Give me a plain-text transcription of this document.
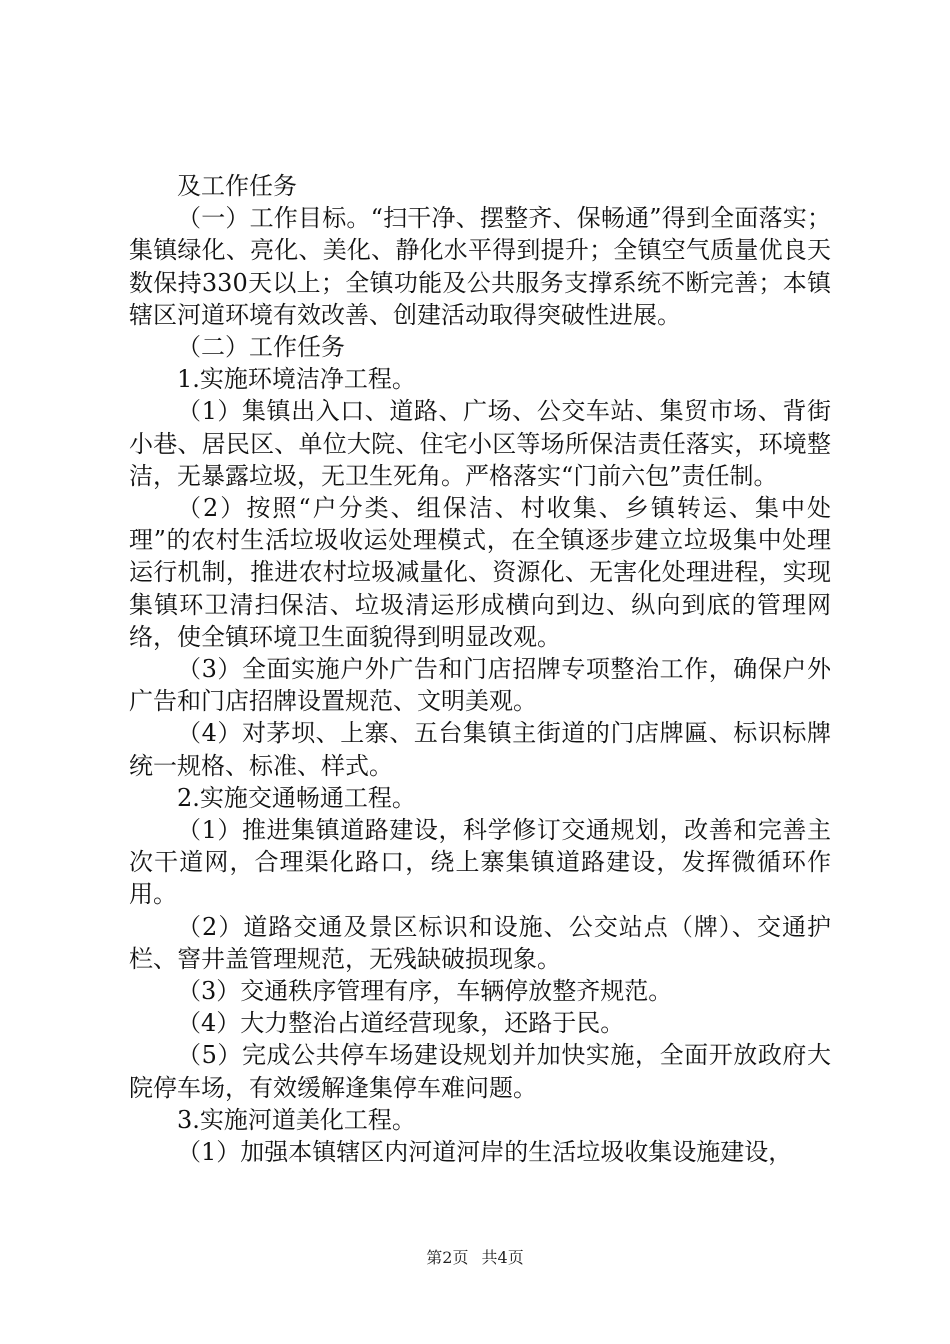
及工作任务

（一）工作目标。“扫干净、摆整齐、保畅通”得到全面落实；集镇绿化、亮化、美化、静化水平得到提升；全镇空气质量优良天数保持330天以上；全镇功能及公共服务支撑系统不断完善；本镇辖区河道环境有效改善、创建活动取得突破性进展。

（二）工作任务

1.实施环境洁净工程。

（1）集镇出入口、道路、广场、公交车站、集贸市场、背街小巷、居民区、单位大院、住宅小区等场所保洁责任落实，环境整洁，无暴露垃圾，无卫生死角。严格落实“门前六包”责任制。

（2）按照“户分类、组保洁、村收集、乡镇转运、集中处理”的农村生活垃圾收运处理模式，在全镇逐步建立垃圾集中处理运行机制，推进农村垃圾减量化、资源化、无害化处理进程，实现集镇环卫清扫保洁、垃圾清运形成横向到边、纵向到底的管理网络，使全镇环境卫生面貌得到明显改观。

（3）全面实施户外广告和门店招牌专项整治工作，确保户外广告和门店招牌设置规范、文明美观。

（4）对茅坝、上寨、五台集镇主街道的门店牌匾、标识标牌统一规格、标准、样式。

2.实施交通畅通工程。

（1）推进集镇道路建设，科学修订交通规划，改善和完善主次干道网，合理渠化路口，绕上寨集镇道路建设，发挥微循环作用。

（2）道路交通及景区标识和设施、公交站点（牌）、交通护栏、窨井盖管理规范，无残缺破损现象。

（3）交通秩序管理有序，车辆停放整齐规范。

（4）大力整治占道经营现象，还路于民。

（5）完成公共停车场建设规划并加快实施，全面开放政府大院停车场，有效缓解逢集停车难问题。

3.实施河道美化工程。

（1）加强本镇辖区内河道河岸的生活垃圾收集设施建设，

第2页 共4页
